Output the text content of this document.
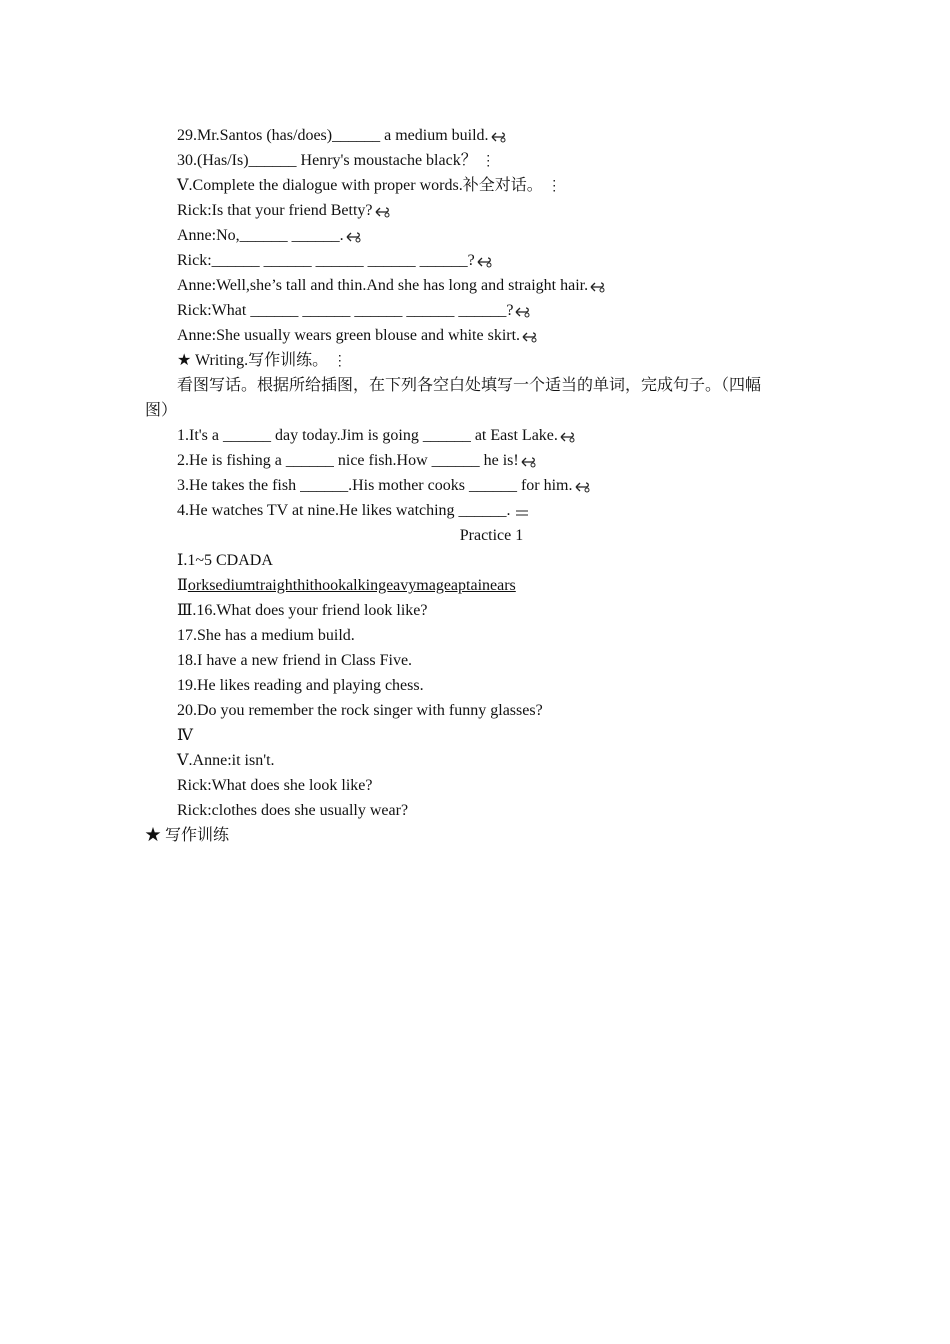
29.Mr.Santos (has/does)______ a medium build.
30.(Has/Is)______ Henry's moustache black？ ⋮
Ⅴ.Complete the dialogue with proper words.补全对话。 ⋮
Rick:Is that your friend Betty?
Anne:No,______ ______.
Rick:______ ______ ______ ______ ______?
Anne:Well,she’s tall and thin.And she has long and straight hair.
Rick:What ______ ______ ______ ______ ______?
Anne:She usually wears green blouse and white skirt.
★ Writing.写作训练。 ⋮
看图写话。根据所给插图，在下列各空白处填写一个适当的单词，完成句子。（四幅
图）
1.It's a ______ day today.Jim is going ______ at East Lake.
2.He is fishing a ______ nice fish.How ______ he is!
3.He takes the fish ______.His mother cooks ______ for him.
4.He watches TV at nine.He likes watching ______.
Practice 1
Ⅰ.1~5 CDADA
Ⅱorksediumtraighthithookalkingeavymageaptainears
Ⅲ.16.What does your friend look like?
17.She has a medium build.
18.I have a new friend in Class Five.
19.He likes reading and playing chess.
20.Do you remember the rock singer with funny glasses?
Ⅳ
Ⅴ.Anne:it isn't.
Rick:What does she look like?
Rick:clothes does she usually wear?
★ 写作训练
